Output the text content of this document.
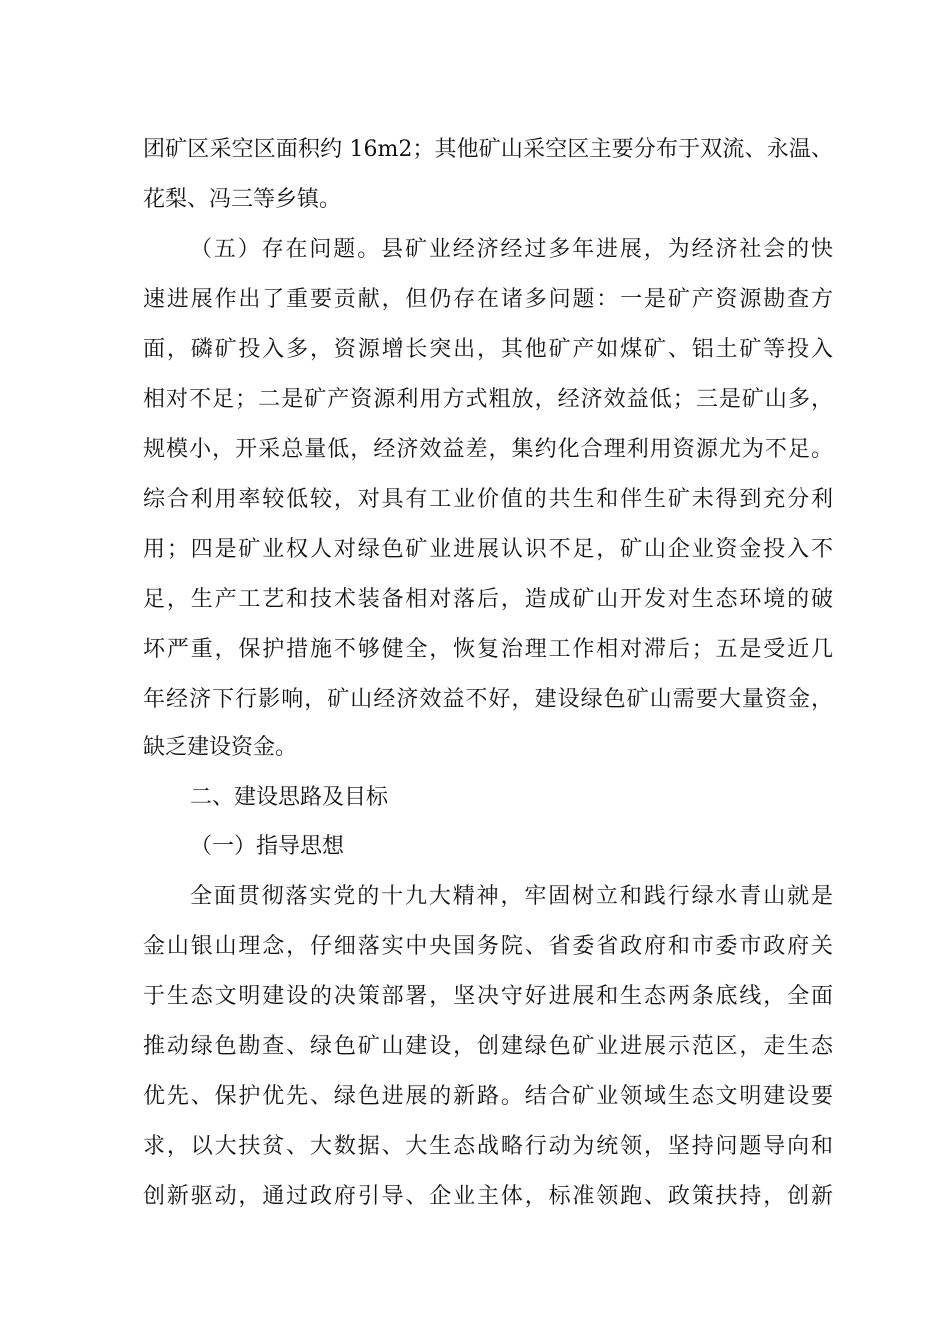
团矿区采空区面积约 16m2；其他矿山采空区主要分布于双流、永温、
花梨、冯三等乡镇。
（五）存在问题。县矿业经济经过多年进展，为经济社会的快
速进展作出了重要贡献，但仍存在诸多问题：一是矿产资源勘查方
面，磷矿投入多，资源增长突出，其他矿产如煤矿、铝土矿等投入
相对不足；二是矿产资源利用方式粗放，经济效益低；三是矿山多，
规模小，开采总量低，经济效益差，集约化合理利用资源尤为不足。
综合利用率较低较，对具有工业价值的共生和伴生矿未得到充分利
用；四是矿业权人对绿色矿业进展认识不足，矿山企业资金投入不
足，生产工艺和技术装备相对落后，造成矿山开发对生态环境的破
坏严重，保护措施不够健全，恢复治理工作相对滞后；五是受近几
年经济下行影响，矿山经济效益不好，建设绿色矿山需要大量资金，
缺乏建设资金。
二、建设思路及目标
（一）指导思想
全面贯彻落实党的十九大精神，牢固树立和践行绿水青山就是
金山银山理念，仔细落实中央国务院、省委省政府和市委市政府关
于生态文明建设的决策部署，坚决守好进展和生态两条底线，全面
推动绿色勘查、绿色矿山建设，创建绿色矿业进展示范区，走生态
优先、保护优先、绿色进展的新路。结合矿业领域生态文明建设要
求，以大扶贫、大数据、大生态战略行动为统领，坚持问题导向和
创新驱动，通过政府引导、企业主体，标准领跑、政策扶持，创新
